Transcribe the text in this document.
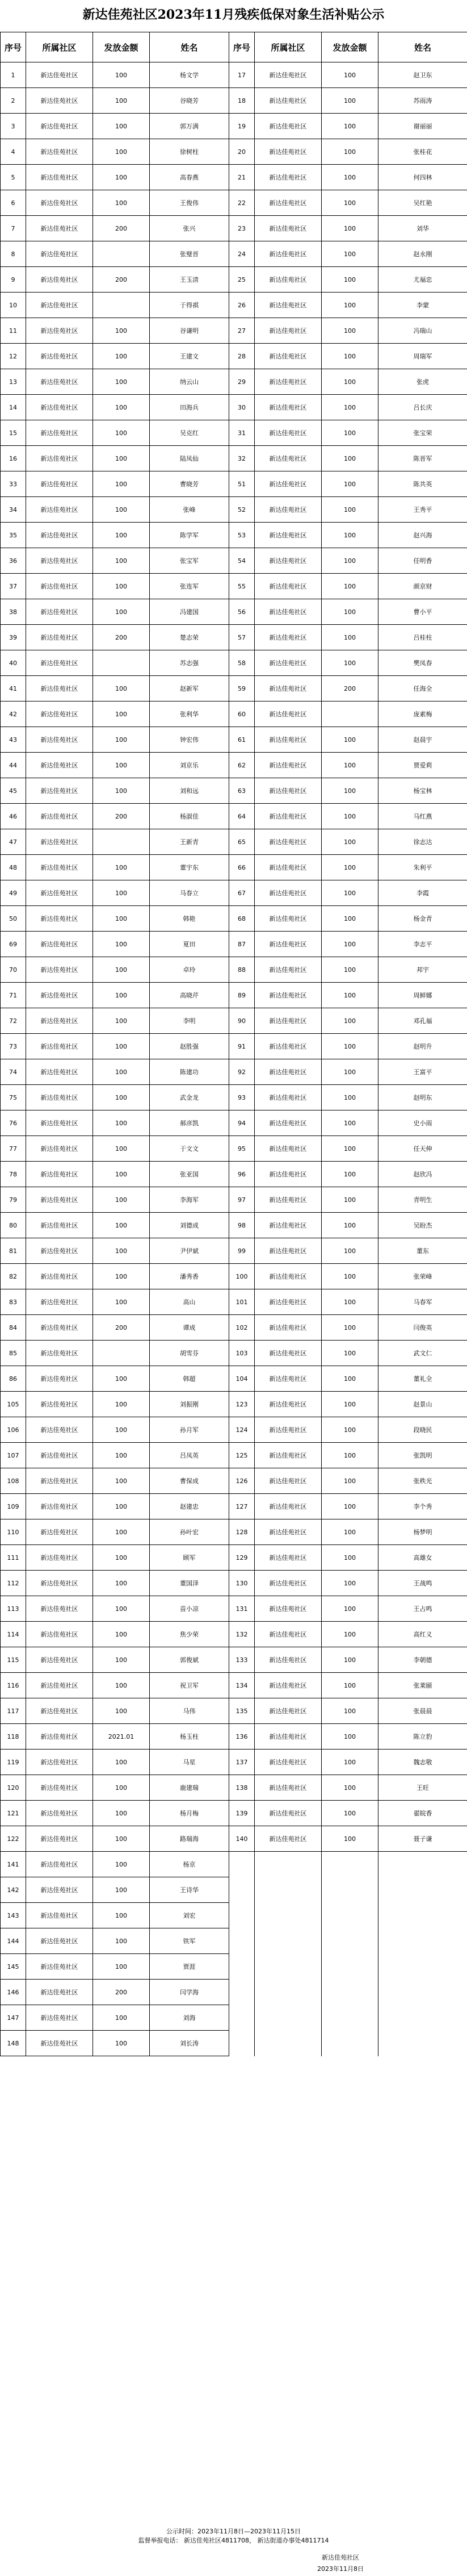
新达佳苑社区2023年11月残疾低保对象生活补贴公示
序号	所属社区	发放金额	姓名	序号	所属社区	发放金额	姓名
1	新达佳苑社区	100	杨文学	17	新达佳苑社区	100	赵卫东
2	新达佳苑社区	100	谷晓芳	18	新达佳苑社区	100	苏雨涛
3	新达佳苑社区	100	郭万满	19	新达佳苑社区	100	谢丽丽
4	新达佳苑社区	100	徐树柱	20	新达佳苑社区	100	张桂花
5	新达佳苑社区	100	高春燕	21	新达佳苑社区	100	何四林
6	新达佳苑社区	100	王俊伟	22	新达佳苑社区	100	吴红艳
7	新达佳苑社区	200	张兴	23	新达佳苑社区	100	刘华
8	新达佳苑社区		张璧晋	24	新达佳苑社区	100	赵永刚
9	新达佳苑社区	200	王玉清	25	新达佳苑社区	100	尤福忠
10	新达佳苑社区		于得祺	26	新达佳苑社区	100	李蒙
11	新达佳苑社区	100	谷谦明	27	新达佳苑社区	100	冯瑞山
12	新达佳苑社区	100	王建文	28	新达佳苑社区	100	周瑞军
13	新达佳苑社区	100	纳云山	29	新达佳苑社区	100	张虎
14	新达佳苑社区	100	田海兵	30	新达佳苑社区	100	吕长庆
15	新达佳苑社区	100	吴克红	31	新达佳苑社区	100	张宝荣
16	新达佳苑社区	100	陆凤仙	32	新达佳苑社区	100	陈晋军
33	新达佳苑社区	100	曹晓芳	51	新达佳苑社区	100	陈共英
34	新达佳苑社区	100	张峰	52	新达佳苑社区	100	王秀平
35	新达佳苑社区	100	陈学军	53	新达佳苑社区	100	赵兴海
36	新达佳苑社区	100	张宝军	54	新达佳苑社区	100	任明香
37	新达佳苑社区	100	张连军	55	新达佳苑社区	100	颜京财
38	新达佳苑社区	100	冯建国	56	新达佳苑社区	100	曹小平
39	新达佳苑社区	200	楚志荣	57	新达佳苑社区	100	吕桂柱
40	新达佳苑社区		苏志强	58	新达佳苑社区	100	樊凤春
41	新达佳苑社区	100	赵新军	59	新达佳苑社区	200	任海全
42	新达佳苑社区	100	张利华	60	新达佳苑社区		庞素梅
43	新达佳苑社区	100	钟宏伟	61	新达佳苑社区	100	赵晨宇
44	新达佳苑社区	100	刘京乐	62	新达佳苑社区	100	贾爱莉
45	新达佳苑社区	100	刘和远	63	新达佳苑社区	100	杨宝林
46	新达佳苑社区	200	杨淑佳	64	新达佳苑社区	100	马红燕
47	新达佳苑社区		王新青	65	新达佳苑社区	100	徐志达
48	新达佳苑社区	100	董宇东	66	新达佳苑社区	100	朱利平
49	新达佳苑社区	100	马春立	67	新达佳苑社区	100	李霞
50	新达佳苑社区	100	韩艳	68	新达佳苑社区	100	杨金青
69	新达佳苑社区	100	夏田	87	新达佳苑社区	100	李志平
70	新达佳苑社区	100	卓玲	88	新达佳苑社区	100	邦宇
71	新达佳苑社区	100	高晓芹	89	新达佳苑社区	100	周鲜娜
72	新达佳苑社区	100	李明	90	新达佳苑社区	100	邓孔福
73	新达佳苑社区	100	赵胜强	91	新达佳苑社区	100	赵明升
74	新达佳苑社区	100	陈建功	92	新达佳苑社区	100	王富平
75	新达佳苑社区	100	武金龙	93	新达佳苑社区	100	赵明东
76	新达佳苑社区	100	郝彦凯	94	新达佳苑社区	100	史小雨
77	新达佳苑社区	100	于文文	95	新达佳苑社区	100	任天伸
78	新达佳苑社区	100	张亚国	96	新达佳苑社区	100	赵欣冯
79	新达佳苑社区	100	李海军	97	新达佳苑社区	100	青明生
80	新达佳苑社区	100	刘德成	98	新达佳苑社区	100	吴盼杰
81	新达佳苑社区	100	尹伊斌	99	新达佳苑社区	100	董东
82	新达佳苑社区	100	潘秀香	100	新达佳苑社区	100	张荣峰
83	新达佳苑社区	100	高山	101	新达佳苑社区	100	马春军
84	新达佳苑社区	200	谭成	102	新达佳苑社区	100	闫俊英
85	新达佳苑社区		胡雪芬	103	新达佳苑社区	100	武文仁
86	新达佳苑社区	100	韩超	104	新达佳苑社区	100	董礼全
105	新达佳苑社区	100	刘振刚	123	新达佳苑社区	100	赵景山
106	新达佳苑社区	100	孙月军	124	新达佳苑社区	100	段晓民
107	新达佳苑社区	100	吕凤英	125	新达佳苑社区	100	张凯明
108	新达佳苑社区	100	曹保成	126	新达佳苑社区	100	张秩光
109	新达佳苑社区	100	赵建忠	127	新达佳苑社区	100	李个秀
110	新达佳苑社区	100	孙叶宏	128	新达佳苑社区	100	杨梦明
111	新达佳苑社区	100	顾军	129	新达佳苑社区	100	高雄女
112	新达佳苑社区	100	董国泽	130	新达佳苑社区	100	王战鸣
113	新达佳苑社区	100	苗小凉	131	新达佳苑社区	100	王占鸣
114	新达佳苑社区	100	焦少荣	132	新达佳苑社区	100	高红义
115	新达佳苑社区	100	郭俊斌	133	新达佳苑社区	100	李朝德
116	新达佳苑社区	100	祝卫军	134	新达佳苑社区	100	张莱颐
117	新达佳苑社区	100	马伟	135	新达佳苑社区	100	张晨晨
118	新达佳苑社区	2021.01	杨玉柱	136	新达佳苑社区	100	陈立豹
119	新达佳苑社区	100	马星	137	新达佳苑社区	100	魏志敬
120	新达佳苑社区	100	鹿建瑞	138	新达佳苑社区	100	王旺
121	新达佳苑社区	100	杨月梅	139	新达佳苑社区	100	翟皖香
122	新达佳苑社区	100	路瑞海	140	新达佳苑社区	100	聂子谦
141	新达佳苑社区	100	杨京				
142	新达佳苑社区	100	王诗华				
143	新达佳苑社区	100	刘宏				
144	新达佳苑社区	100	铁军				
145	新达佳苑社区	100	贾涯				
146	新达佳苑社区	200	闫学海				
147	新达佳苑社区	100	刘海				
148	新达佳苑社区	100	刘长涛				
公示时间：2023年11月8日—2023年11月15日
监督举报电话： 新达佳苑社区4811708， 新达街道办事处4811714
新达佳苑社区
2023年11月8日
